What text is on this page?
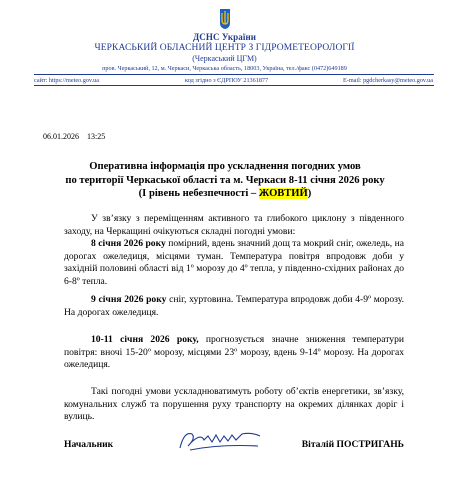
ДСНС України
ЧЕРКАСЬКИЙ ОБЛАСНИЙ ЦЕНТР З ГІДРОМЕТЕОРОЛОГІЇ
(Черкаський ЦГМ)
пров. Черкаський, 12, м. Черкаси, Черкаська область, 18003, Україна, тел./факс (0472)649189
сайт: https://meteo.gov.ua	код згідно з ЄДРПОУ 21361877	E-mail: pgdcherkasy@meteo.gov.ua
06.01.2026    13:25
Оперативна інформація про ускладнення погодних умов
по території Черкаської області та м. Черкаси 8-11 січня 2026 року
(І рівень небезпечності – ЖОВТИЙ)
У зв’язку з переміщенням активного та глибокого циклону з південного заходу, на Черкащині очікуються складні погодні умови:
8 січня 2026 року помірний, вдень значний дощ та мокрий сніг, ожеледь, на дорогах ожеледиця, місцями туман. Температура повітря впродовж доби у західній половині області від 1º морозу до 4º тепла, у південно-східних районах до 6-8º тепла.
9 січня 2026 року сніг, хуртовина. Температура впродовж доби 4-9º морозу. На дорогах ожеледиця.
10-11 січня 2026 року, прогнозується значне зниження температури повітря: вночі 15-20º морозу, місцями 23º морозу, вдень 9-14º морозу. На дорогах ожеледиця.
Такі погодні умови ускладнюватимуть роботу об’єктів енергетики, зв’язку, комунальних служб та порушення руху транспорту на окремих ділянках доріг і вулиць.
Начальник	Віталій ПОСТРИГАНЬ
